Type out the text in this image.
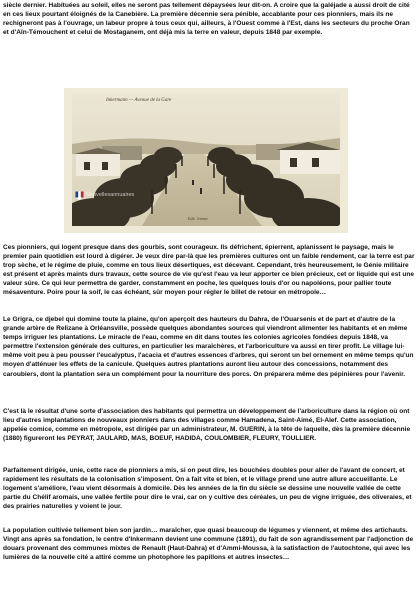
siècle dernier. Habituées au soleil, elles ne seront pas tellement dépaysées leur dit-on. A croire que la galéjade a aussi droit de cité en ces lieux pourtant éloignés de la Canebière. La première décennie sera pénible, accablante pour ces pionniers, mais ils ne rechigneront pas à l'ouvrage, un labeur propre à tous ceux qui, ailleurs, à l'Ouest comme à l'Est, dans les secteurs du proche Oran et d'Aïn-Témouchent et celui de Mostaganem, ont déjà mis la terre en valeur, depuis 1848 par exemple.

Inkermann — Avenue de la Gare
Edit. Jeanne
Nouvellesannuaires

Ces pionniers, qui logent presque dans des gourbis, sont courageux. Ils défrichent, épierrent, aplanissent le paysage, mais le premier pain quotidien est lourd à digérer. Je veux dire par-là que les premières cultures ont un faible rendement, car la terre est par trop sèche, et le régime de pluie, comme en tous lieux désertiques, est décevant. Cependant, très heureusement, le Génie militaire est présent et après maints durs travaux, cette source de vie qu'est l'eau va leur apporter ce bien précieux, cet or liquide qui est une valeur sûre. Ce qui leur permettra de garder, constamment en poche, les quelques louis d'or ou napoléons, pour pallier toute mésaventure. Poire pour la soif, le cas échéant, sûr moyen pour régler le billet de retour en métropole…

Le Grigra, ce djebel qui domine toute la plaine, qu'on aperçoit des hauteurs du Dahra, de l'Ouarsenis et de part et d'autre de la grande artère de Relizane à Orléansville, possède quelques abondantes sources qui viendront alimenter les habitants et en même temps irriguer les plantations. Le miracle de l'eau, comme en dit dans toutes les colonies agricoles fondées depuis 1848, va permettre l'extension générale des cultures, en particulier les maraîchères, et l'arboriculture va aussi en tirer profit. Le village lui-même voit peu à peu pousser l'eucalyptus, l'acacia et d'autres essences d'arbres, qui seront un bel ornement en même temps qu'un moyen d'atténuer les effets de la canicule. Quelques autres plantations auront lieu autour des concessions, notamment des caroubiers, dont la plantation sera un complément pour la nourriture des porcs. On préparera même des pépinières pour l'avenir.

C'est là le résultat d'une sorte d'association des habitants qui permettra un développement de l'arboriculture dans la région où ont lieu d'autres implantations de nouveaux pionniers dans des villages comme Hamadena, Saint-Aimé, El-Alef. Cette association, appelée comice, comme en métropole, est dirigée par un administrateur, M. GUERIN, à la tête de laquelle, dès la première décennie (1880) figureront les PEYRAT, JAULARD, MAS, BOEUF, HADIDA, COULOMBIER, FLEURY, TOULLIER.

Parfaitement dirigée, unie, cette race de pionniers a mis, si on peut dire, les bouchées doubles pour aller de l'avant de concert, et rapidement les résultats de la colonisation s'imposent. On a fait vite et bien, et le village prend une autre allure accueillante. Le logement s'améliore, l'eau vient désormais à domicile. Dès les années de la fin du siècle se dessine une nouvelle vallée de cette partie du Chélif aromais, une vallée fertile pour dire le vrai, car on y cultive des céréales, un peu de vigne irriguée, des oliveraies, et des prairies naturelles y voient le jour.

La population cultivée tellement bien son jardin… maraîcher, que quasi beaucoup de légumes y viennent, et même des artichauts. Vingt ans après sa fondation, le centre d'Inkermann devient une commune (1891), du fait de son agrandissement par l'adjonction de douars provenant des communes mixtes de Renault (Haut-Dahra) et d'Ammi-Moussa, à la satisfaction de l'autochtone, qui avec les lumières de la nouvelle cité a attiré comme un photophore les papillons et autres insectes…
